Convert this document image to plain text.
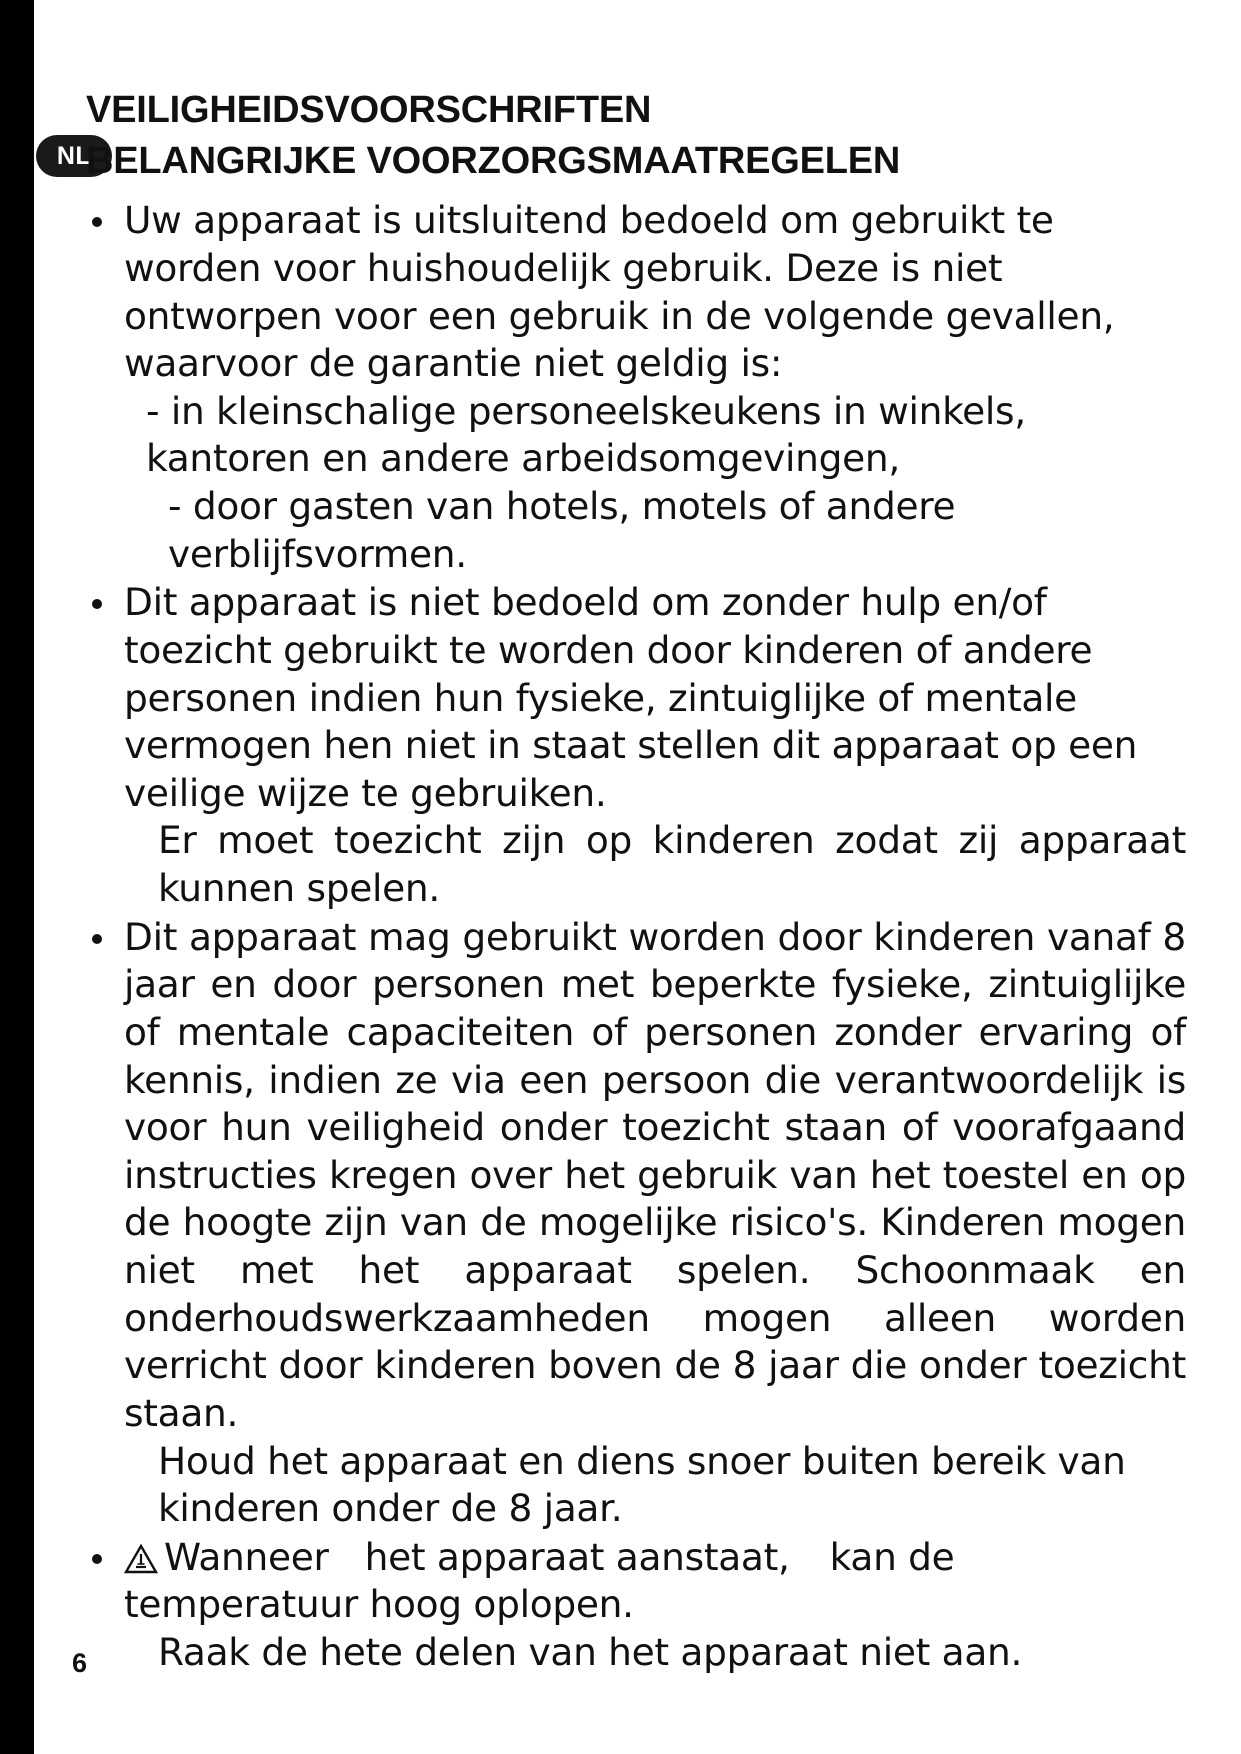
NL
VEILIGHEIDSVOORSCHRIFTEN
BELANGRIJKE VOORZORGSMAATREGELEN

Uw apparaat is uitsluitend bedoeld om gebruikt te worden voor huishoudelijk gebruik. Deze is niet ontworpen voor een gebruik in de volgende gevallen, waarvoor de garantie niet geldig is:

- in kleinschalige personeelskeukens in winkels, kantoren en andere arbeidsomgevingen,

- door gasten van hotels, motels of andere verblijfsvormen.

Dit apparaat is niet bedoeld om zonder hulp en/of toezicht gebruikt te worden door kinderen of andere personen indien hun fysieke, zintuiglijke of mentale vermogen hen niet in staat stellen dit apparaat op een veilige wijze te gebruiken.

Er moet toezicht zijn op kinderen zodat zij apparaat kunnen spelen.

Dit apparaat mag gebruikt worden door kinderen vanaf 8 jaar en door personen met beperkte fysieke, zintuiglijke of mentale capaciteiten of personen zonder ervaring of kennis, indien ze via een persoon die verantwoordelijk is voor hun veiligheid onder toezicht staan of voorafgaand instructies kregen over het gebruik van het toestel en op de hoogte zijn van de mogelijke risico's. Kinderen mogen niet met het apparaat spelen. Schoonmaak en onderhoudswerkzaamheden mogen alleen worden verricht door kinderen boven de 8 jaar die onder toezicht staan.

Houd het apparaat en diens snoer buiten bereik van kinderen onder de 8 jaar.

Wanneer het apparaat aanstaat, kan de temperatuur hoog oplopen.

Raak de hete delen van het apparaat niet aan.

6
